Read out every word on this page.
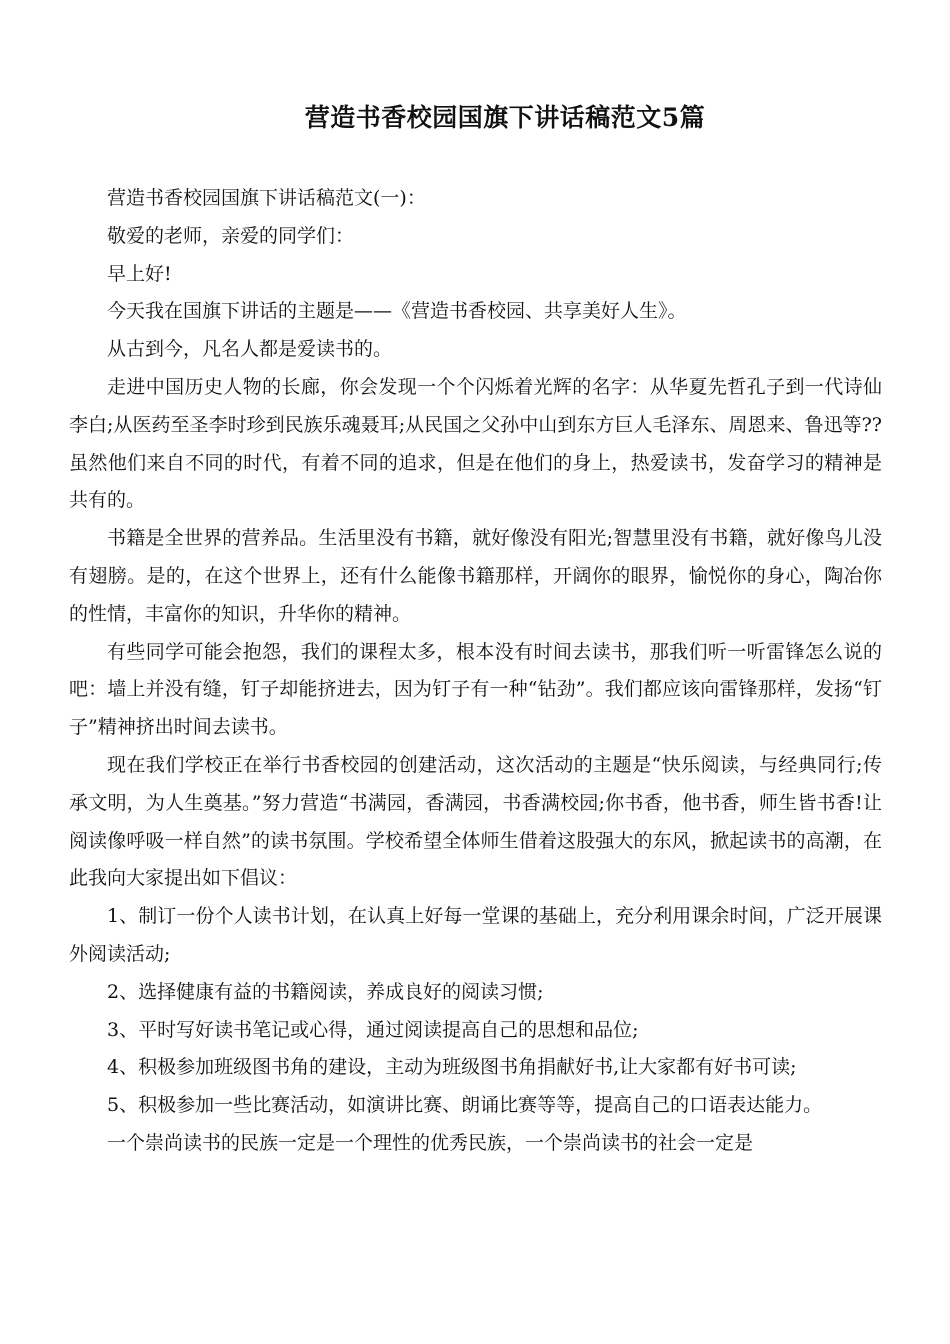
营造书香校园国旗下讲话稿范文5篇

营造书香校园国旗下讲话稿范文(一)：

敬爱的老师，亲爱的同学们：

早上好!

今天我在国旗下讲话的主题是——《营造书香校园、共享美好人生》。

从古到今，凡名人都是爱读书的。

走进中国历史人物的长廊，你会发现一个个闪烁着光辉的名字：从华夏先哲孔子到一代诗仙李白;从医药至圣李时珍到民族乐魂聂耳;从民国之父孙中山到东方巨人毛泽东、周恩来、鲁迅等??虽然他们来自不同的时代，有着不同的追求，但是在他们的身上，热爱读书，发奋学习的精神是共有的。

书籍是全世界的营养品。生活里没有书籍，就好像没有阳光;智慧里没有书籍，就好像鸟儿没有翅膀。是的，在这个世界上，还有什么能像书籍那样，开阔你的眼界，愉悦你的身心，陶冶你的性情，丰富你的知识，升华你的精神。

有些同学可能会抱怨，我们的课程太多，根本没有时间去读书，那我们听一听雷锋怎么说的吧：墙上并没有缝，钉子却能挤进去，因为钉子有一种“钻劲”。我们都应该向雷锋那样，发扬“钉子”精神挤出时间去读书。

现在我们学校正在举行书香校园的创建活动，这次活动的主题是“快乐阅读，与经典同行;传承文明，为人生奠基。”努力营造“书满园，香满园，书香满校园;你书香，他书香，师生皆书香!让阅读像呼吸一样自然”的读书氛围。学校希望全体师生借着这股强大的东风，掀起读书的高潮，在此我向大家提出如下倡议：

1、制订一份个人读书计划，在认真上好每一堂课的基础上，充分利用课余时间，广泛开展课外阅读活动;

2、选择健康有益的书籍阅读，养成良好的阅读习惯;

3、平时写好读书笔记或心得，通过阅读提高自己的思想和品位;

4、积极参加班级图书角的建设，主动为班级图书角捐献好书,让大家都有好书可读;

5、积极参加一些比赛活动，如演讲比赛、朗诵比赛等等，提高自己的口语表达能力。

一个崇尚读书的民族一定是一个理性的优秀民族，一个崇尚读书的社会一定是
